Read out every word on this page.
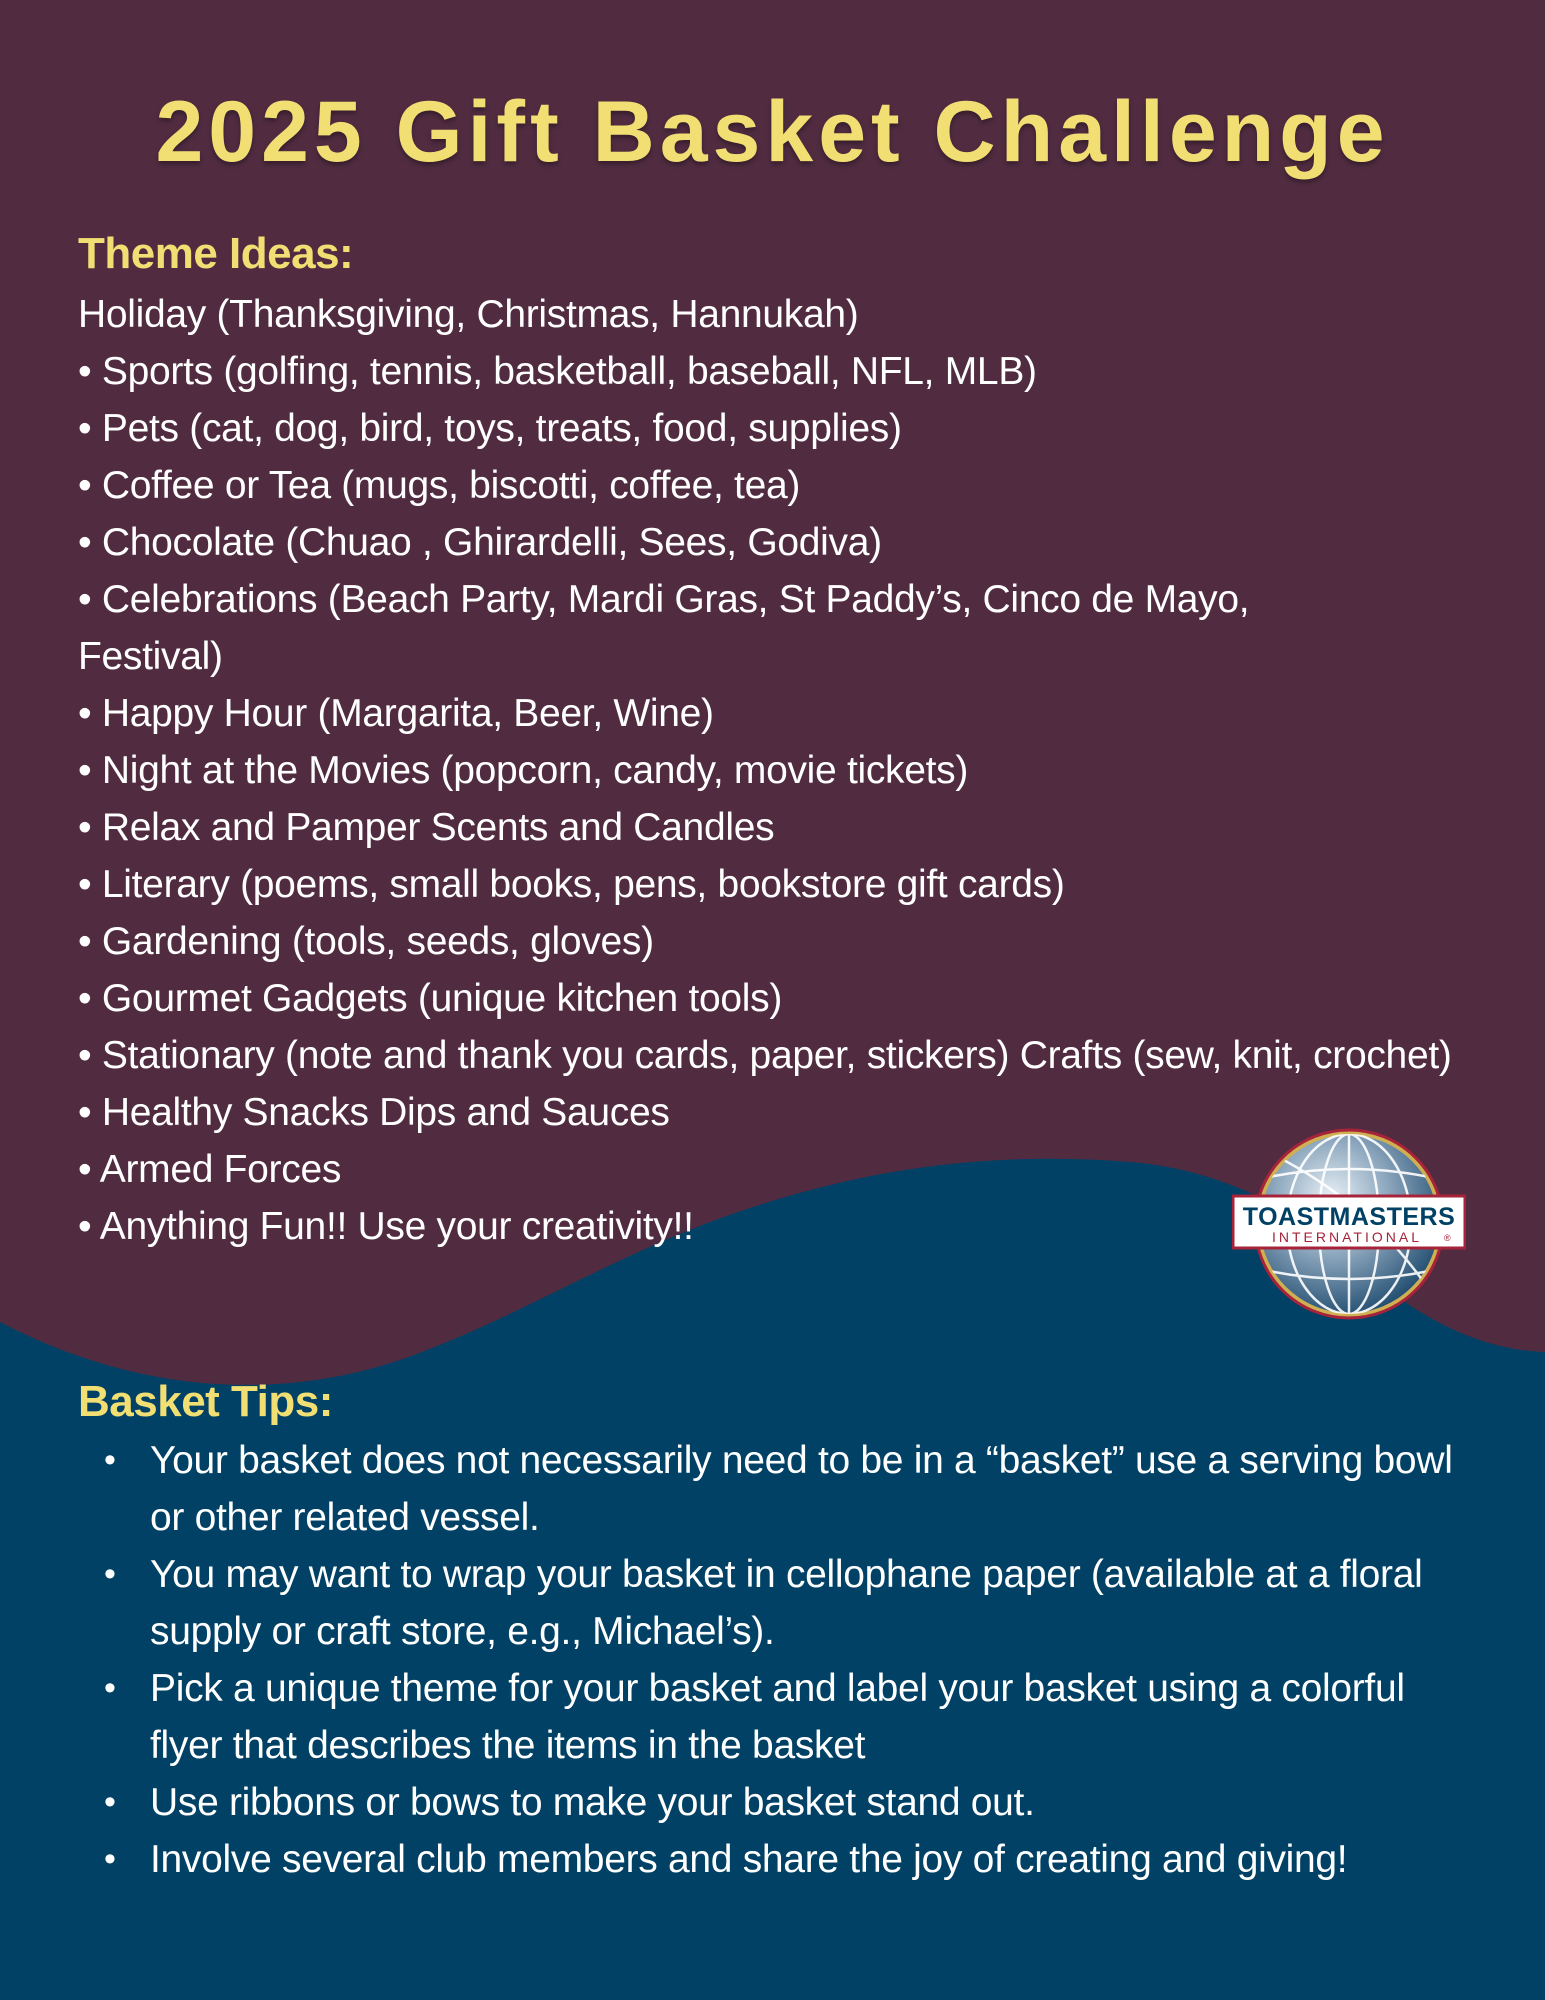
2025 Gift Basket Challenge
Theme Ideas:
Holiday (Thanksgiving, Christmas, Hannukah)
• Sports (golfing, tennis, basketball, baseball, NFL, MLB)
• Pets (cat, dog, bird, toys, treats, food, supplies)
• Coffee or Tea (mugs, biscotti, coffee, tea)
• Chocolate (Chuao , Ghirardelli, Sees, Godiva)
• Celebrations (Beach Party, Mardi Gras, St Paddy’s, Cinco de Mayo, Festival)
• Happy Hour (Margarita, Beer, Wine)
• Night at the Movies (popcorn, candy, movie tickets)
• Relax and Pamper Scents and Candles
• Literary (poems, small books, pens, bookstore gift cards)
• Gardening (tools, seeds, gloves)
• Gourmet Gadgets (unique kitchen tools)
• Stationary (note and thank you cards, paper, stickers) Crafts (sew, knit, crochet)
• Healthy Snacks Dips and Sauces
• Armed Forces
• Anything Fun!! Use your creativity!!
Basket Tips:
• Your basket does not necessarily need to be in a “basket” use a serving bowl or other related vessel.
• You may want to wrap your basket in cellophane paper (available at a floral supply or craft store, e.g., Michael’s).
• Pick a unique theme for your basket and label your basket using a colorful flyer that describes the items in the basket
• Use ribbons or bows to make your basket stand out.
• Involve several club members and share the joy of creating and giving!
TOASTMASTERS
INTERNATIONAL ®
